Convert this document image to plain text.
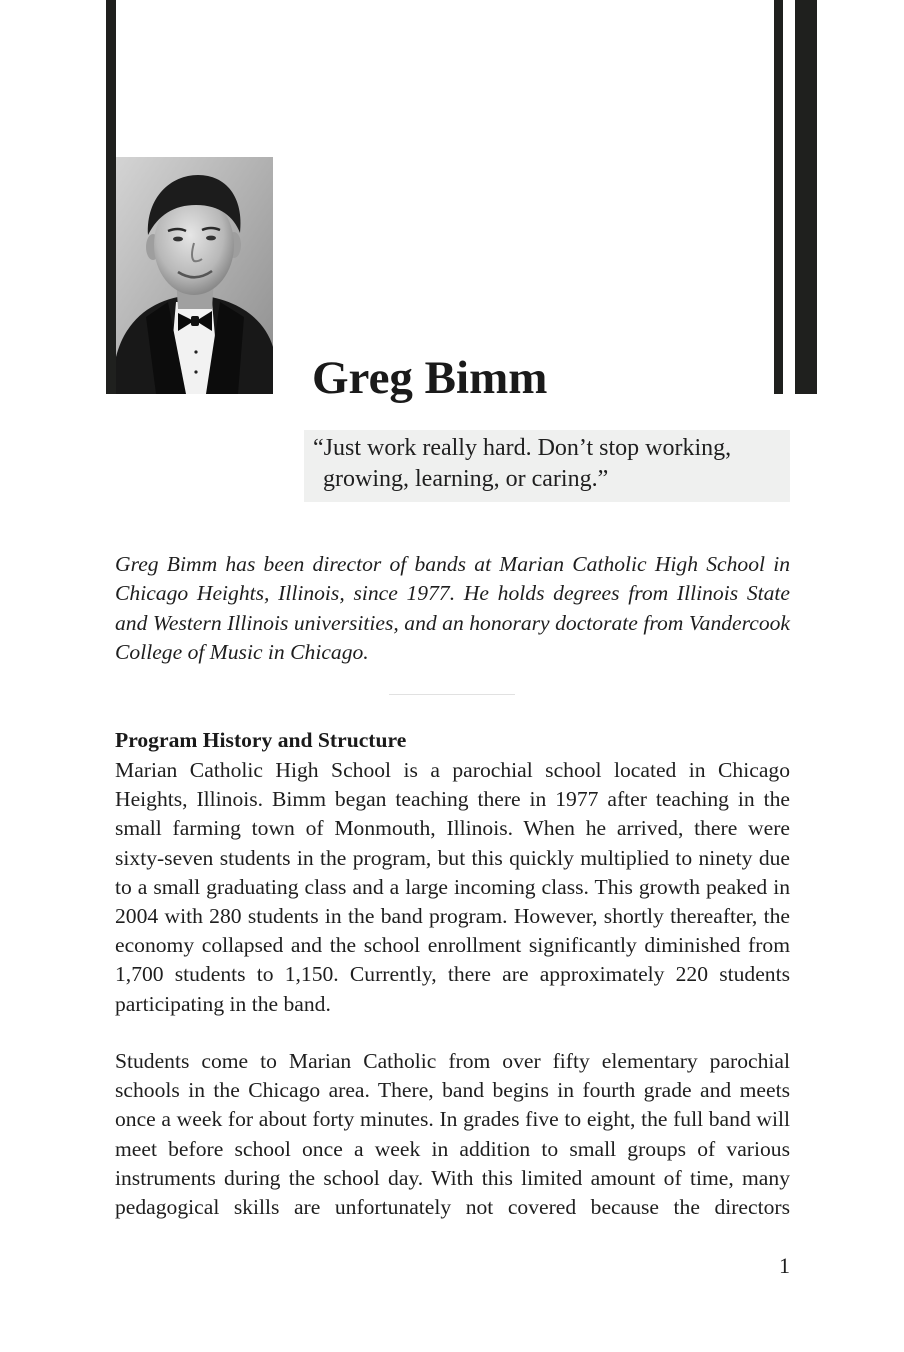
Greg Bimm
“Just work really hard. Don’t stop working,
growing, learning, or caring.”

Greg Bimm has been director of bands at Marian Catholic High School in Chicago Heights, Illinois, since 1977. He holds degrees from Illinois State and Western Illinois universities, and an honorary doctorate from Vandercook College of Music in Chicago.

Program History and Structure

Marian Catholic High School is a parochial school located in Chicago Heights, Illinois. Bimm began teaching there in 1977 after teaching in the small farming town of Monmouth, Illinois. When he arrived, there were sixty-seven students in the program, but this quickly multiplied to ninety due to a small graduating class and a large incoming class. This growth peaked in 2004 with 280 students in the band program. However, shortly thereafter, the economy collapsed and the school enrollment significantly diminished from 1,700 students to 1,150. Currently, there are approximately 220 students participating in the band.

Students come to Marian Catholic from over fifty elementary parochial schools in the Chicago area. There, band begins in fourth grade and meets once a week for about forty minutes. In grades five to eight, the full band will meet before school once a week in addition to small groups of various instruments during the school day. With this limited amount of time, many pedagogical skills are unfortunately not covered because the directors

1
